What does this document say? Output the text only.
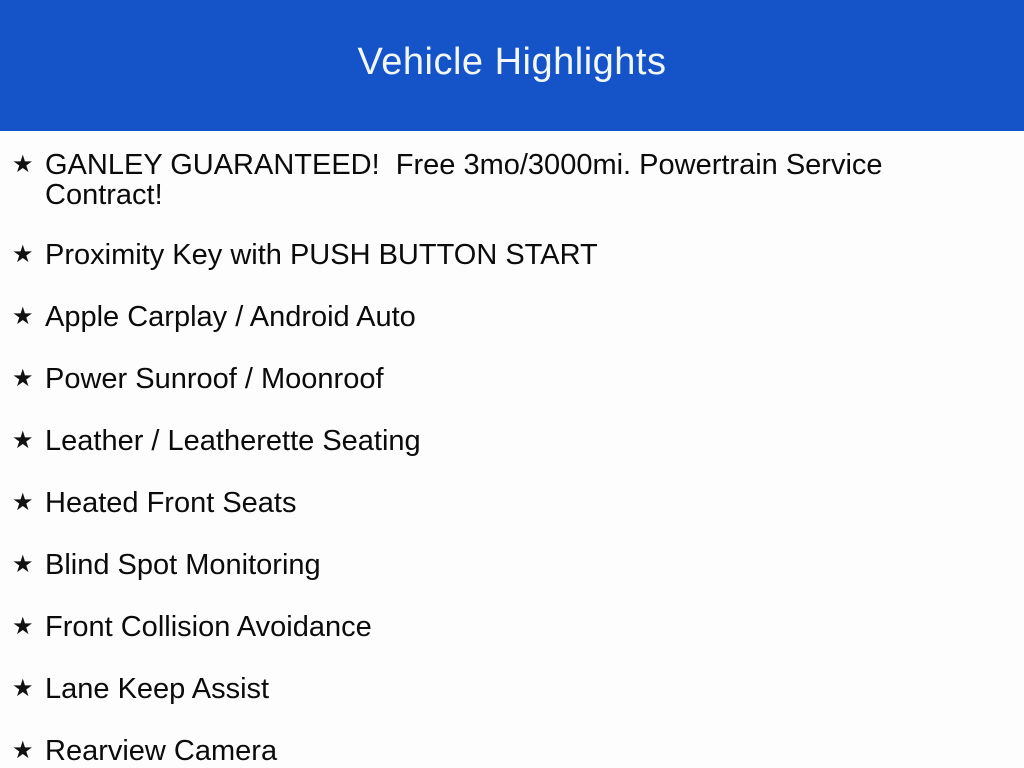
Vehicle Highlights
★ GANLEY GUARANTEED!  Free 3mo/3000mi. Powertrain Service Contract!
★ Proximity Key with PUSH BUTTON START
★ Apple Carplay / Android Auto
★ Power Sunroof / Moonroof
★ Leather / Leatherette Seating
★ Heated Front Seats
★ Blind Spot Monitoring
★ Front Collision Avoidance
★ Lane Keep Assist
★ Rearview Camera
